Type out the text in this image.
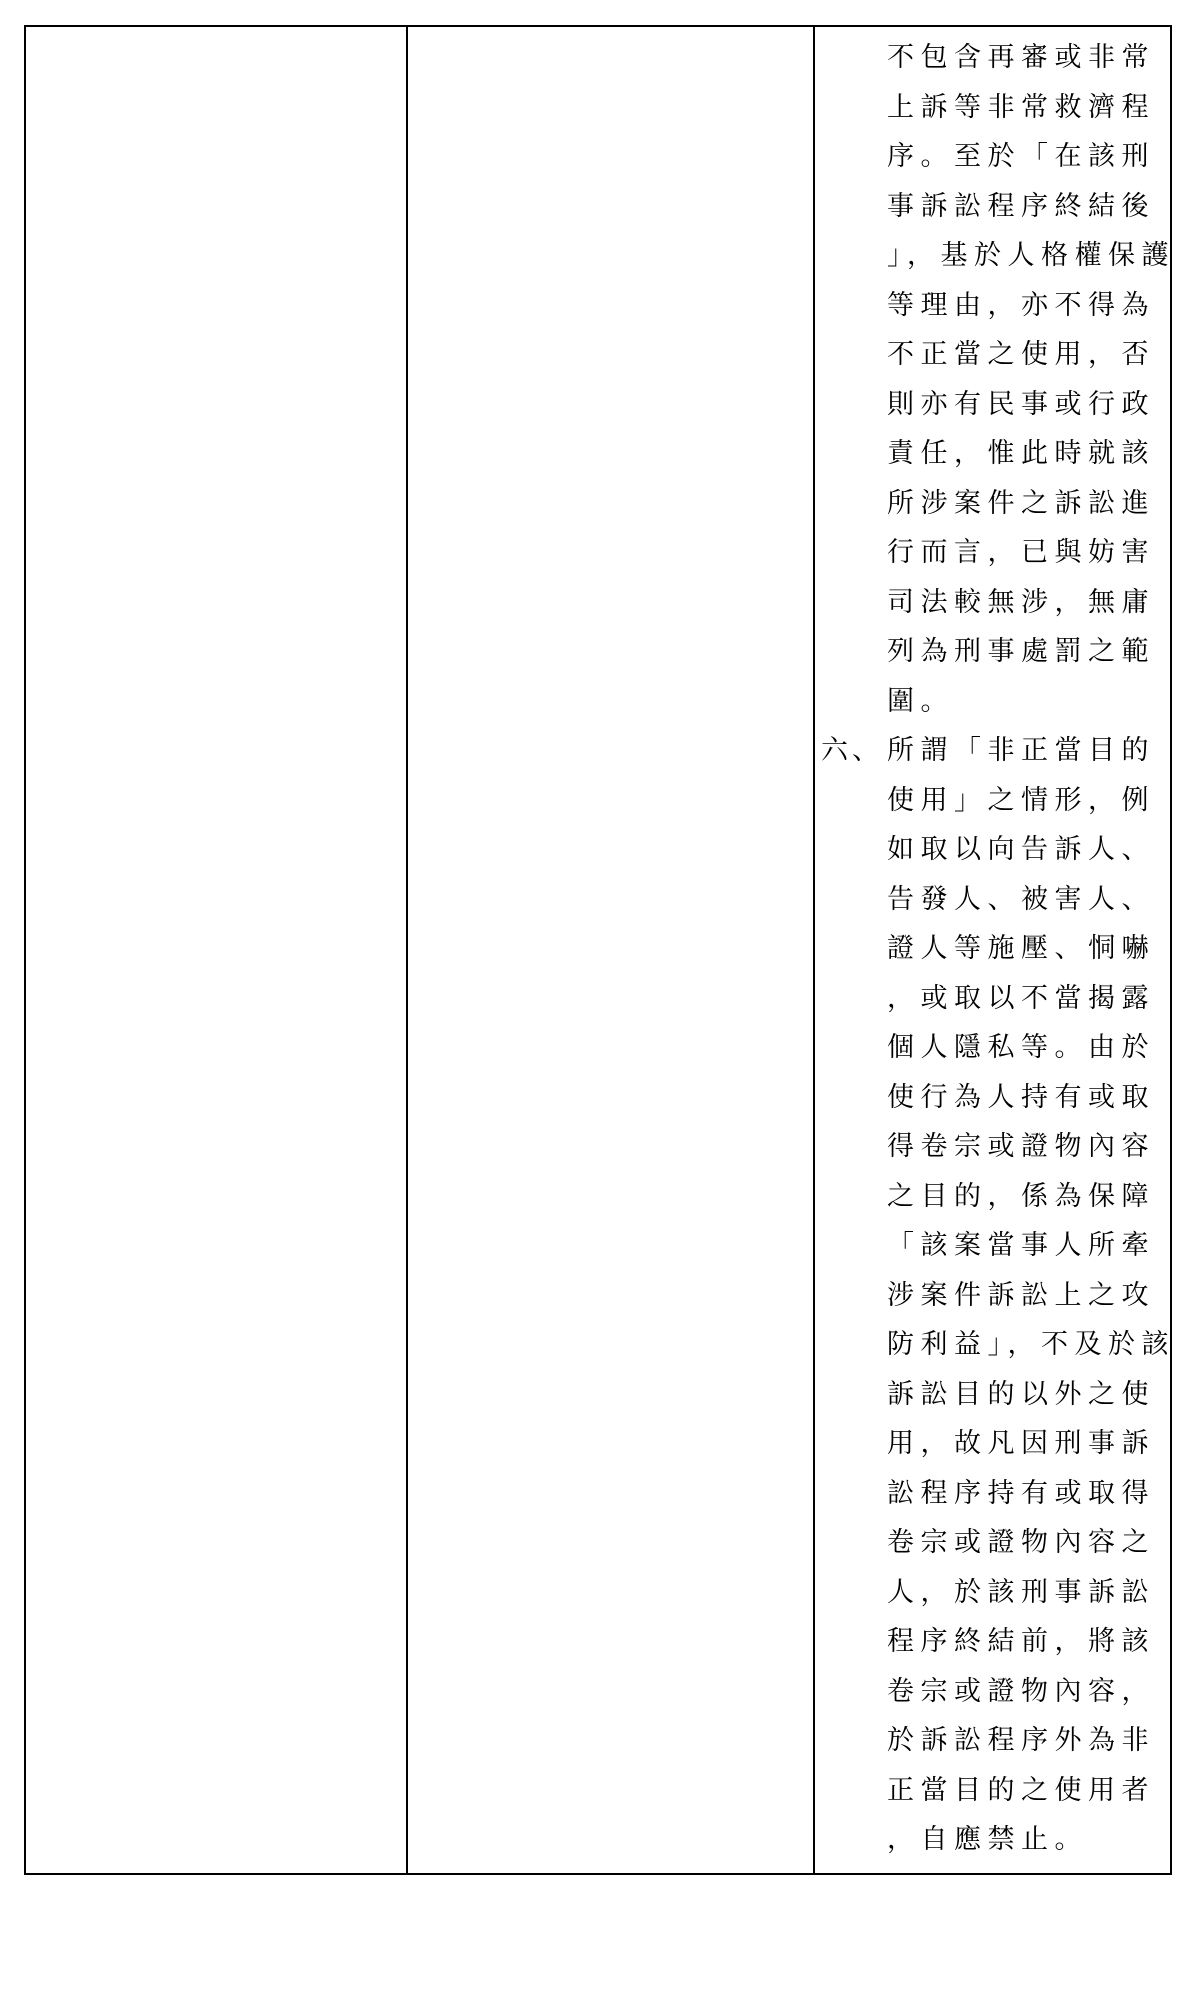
不包含再審或非常
上訴等非常救濟程
序。至於「在該刑
事訴訟程序終結後
」，基於人格權保護
等理由，亦不得為
不正當之使用，否
則亦有民事或行政
責任，惟此時就該
所涉案件之訴訟進
行而言，已與妨害
司法較無涉，無庸
列為刑事處罰之範
圍。
六、 所謂「非正當目的
使用」之情形，例
如取以向告訴人、
告發人、被害人、
證人等施壓、恫嚇
，或取以不當揭露
個人隱私等。由於
使行為人持有或取
得卷宗或證物內容
之目的，係為保障
「該案當事人所牽
涉案件訴訟上之攻
防利益」，不及於該
訴訟目的以外之使
用，故凡因刑事訴
訟程序持有或取得
卷宗或證物內容之
人，於該刑事訴訟
程序終結前，將該
卷宗或證物內容，
於訴訟程序外為非
正當目的之使用者
，自應禁止。
